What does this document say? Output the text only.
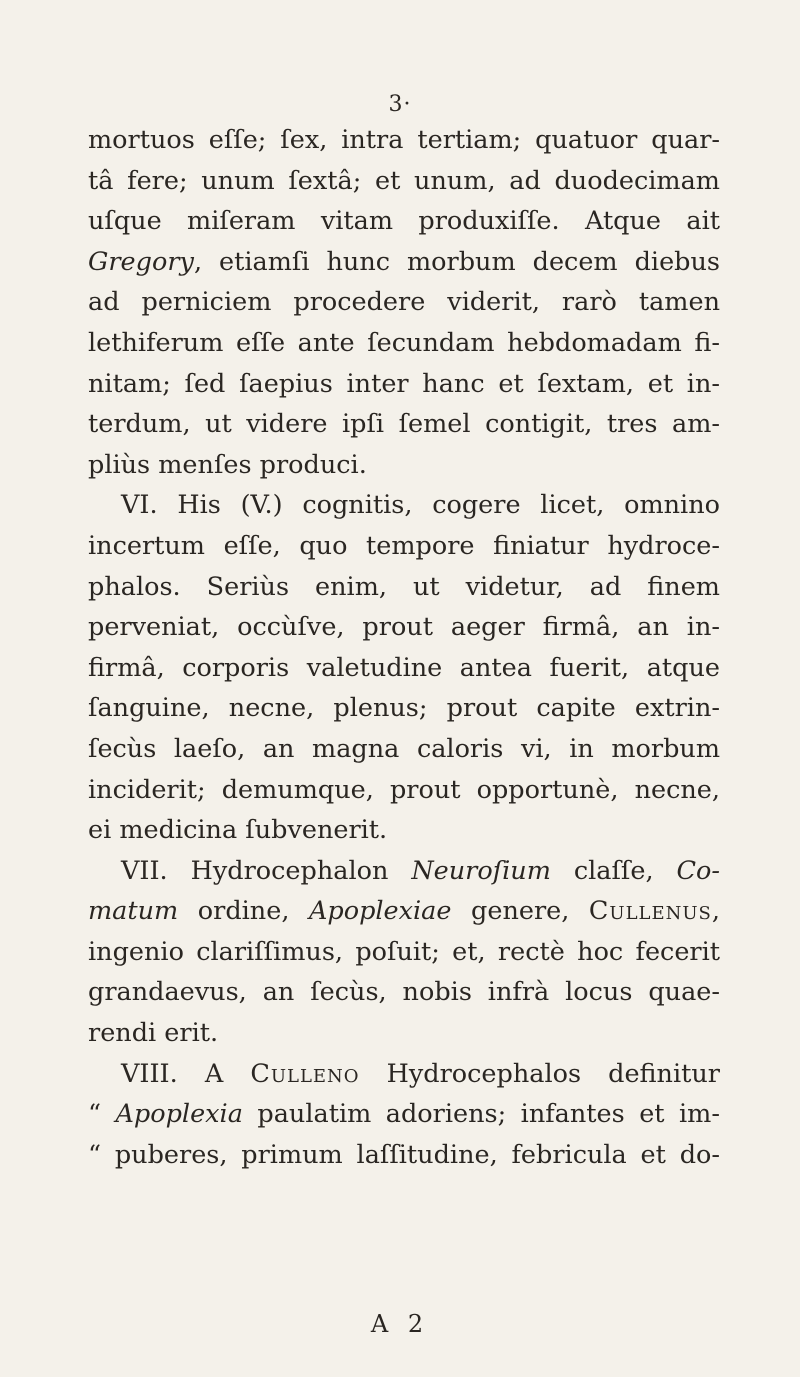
3·
mortuos eſſe; ſex, intra tertiam; quatuor quar-
tâ fere; unum ſextâ; et unum, ad duodecimam
uſque miſeram vitam produxiſſe. Atque ait
Gregory, etiamſi hunc morbum decem diebus
ad perniciem procedere viderit, rarò tamen
lethiferum eſſe ante ſecundam hebdomadam fi-
nitam; ſed ſaepius inter hanc et ſextam, et in-
terdum, ut videre ipſi ſemel contigit, tres am-
pliùs menſes produci.
VI. His (V.) cognitis, cogere licet, omnino
incertum eſſe, quo tempore finiatur hydroce-
phalos. Seriùs enim, ut videtur, ad finem
perveniat, occùſve, prout aeger firmâ, an in-
firmâ, corporis valetudine antea fuerit, atque
ſanguine, necne, plenus; prout capite extrin-
ſecùs laeſo, an magna caloris vi, in morbum
inciderit; demumque, prout opportunè, necne,
ei medicina ſubvenerit.
VII. Hydrocephalon Neuroſium claſſe, Co-
matum ordine, Apoplexiae genere, Cullenus,
ingenio clariſſimus, poſuit; et, rectè hoc fecerit
grandaevus, an ſecùs, nobis infrà locus quae-
rendi erit.
VIII. A Culleno Hydrocephalos definitur
“ Apoplexia paulatim adoriens; infantes et im-
“ puberes, primum laſſitudine, febricula et do-
A 2
